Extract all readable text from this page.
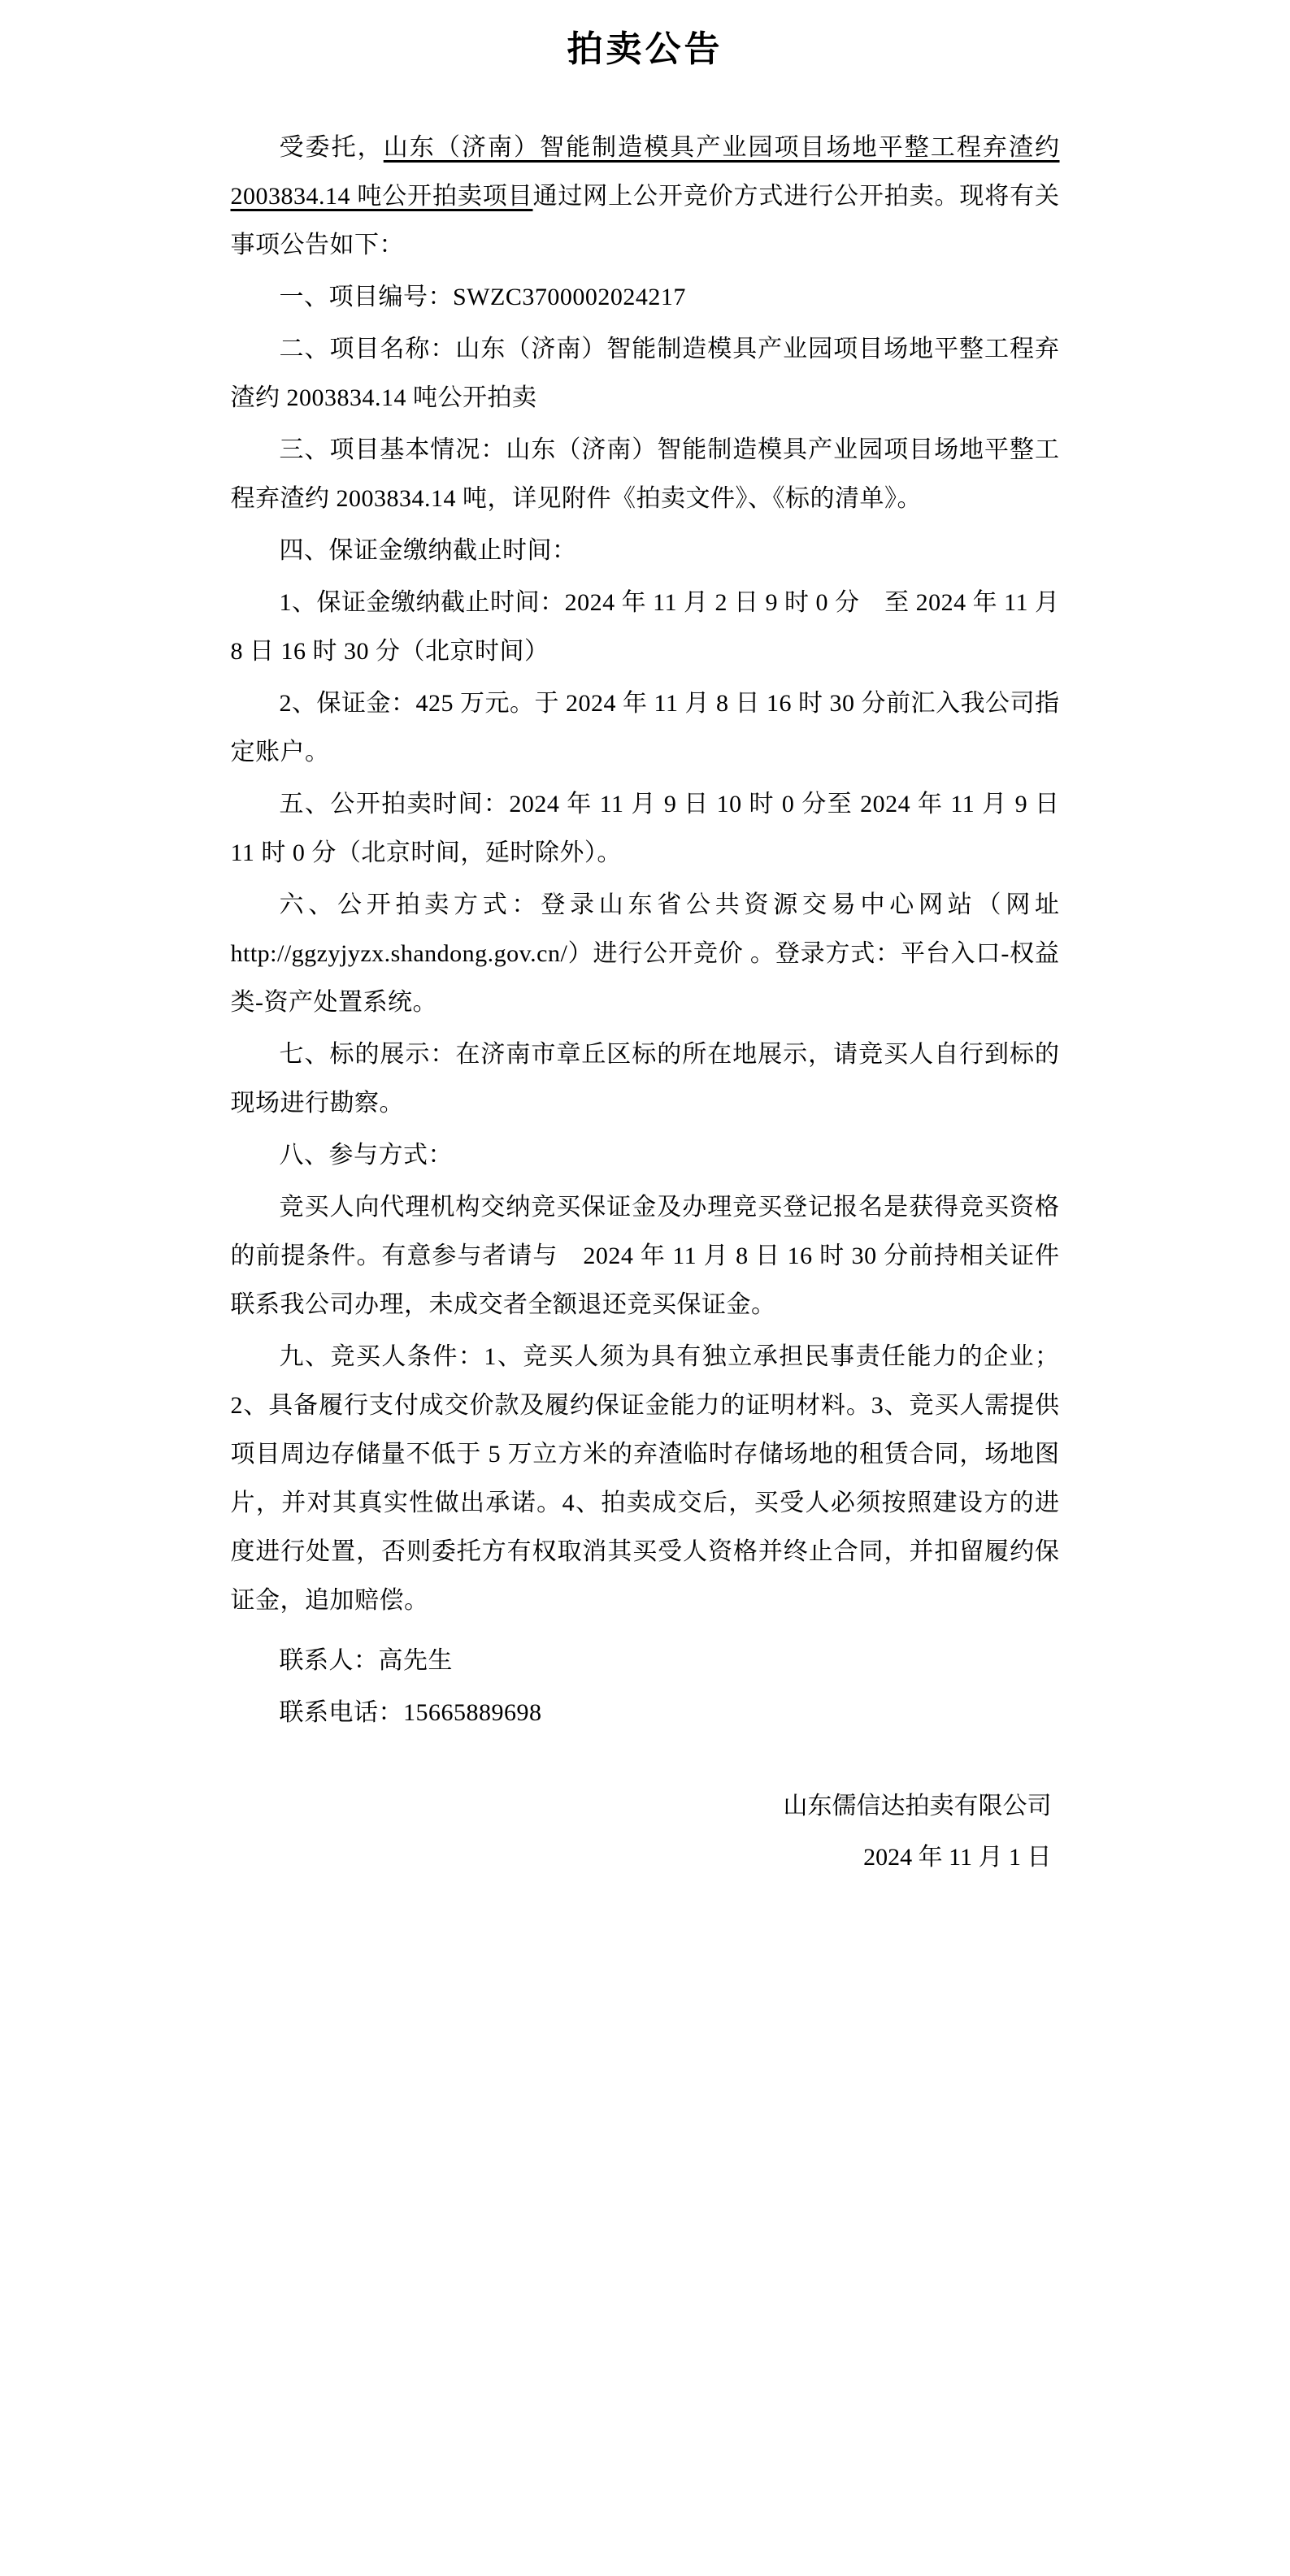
拍卖公告

受委托，山东（济南）智能制造模具产业园项目场地平整工程弃渣约 2003834.14 吨公开拍卖项目通过网上公开竞价方式进行公开拍卖。现将有关事项公告如下：

一、项目编号：SWZC3700002024217

二、项目名称：山东（济南）智能制造模具产业园项目场地平整工程弃渣约 2003834.14 吨公开拍卖

三、项目基本情况：山东（济南）智能制造模具产业园项目场地平整工程弃渣约 2003834.14 吨，详见附件《拍卖文件》、《标的清单》。

四、保证金缴纳截止时间：

1、保证金缴纳截止时间：2024 年 11 月 2 日 9 时 0 分　至 2024 年 11 月 8 日 16 时 30 分（北京时间）

2、保证金：425 万元。于 2024 年 11 月 8 日 16 时 30 分前汇入我公司指定账户。

五、公开拍卖时间：2024 年 11 月 9 日 10 时 0 分至 2024 年 11 月 9 日 11 时 0 分（北京时间，延时除外）。

六、公开拍卖方式：登录山东省公共资源交易中心网站（网址 http://ggzyjyzx.shandong.gov.cn/）进行公开竞价 。登录方式：平台入口-权益类-资产处置系统。

七、标的展示：在济南市章丘区标的所在地展示，请竞买人自行到标的现场进行勘察。

八、参与方式：

竞买人向代理机构交纳竞买保证金及办理竞买登记报名是获得竞买资格的前提条件。有意参与者请与　2024 年 11 月 8 日 16 时 30 分前持相关证件联系我公司办理，未成交者全额退还竞买保证金。

九、竞买人条件：1、竞买人须为具有独立承担民事责任能力的企业；2、具备履行支付成交价款及履约保证金能力的证明材料。3、竞买人需提供项目周边存储量不低于 5 万立方米的弃渣临时存储场地的租赁合同，场地图片，并对其真实性做出承诺。4、拍卖成交后，买受人必须按照建设方的进度进行处置，否则委托方有权取消其买受人资格并终止合同，并扣留履约保证金，追加赔偿。

联系人：高先生

联系电话：15665889698

山东儒信达拍卖有限公司

2024 年 11 月 1 日
